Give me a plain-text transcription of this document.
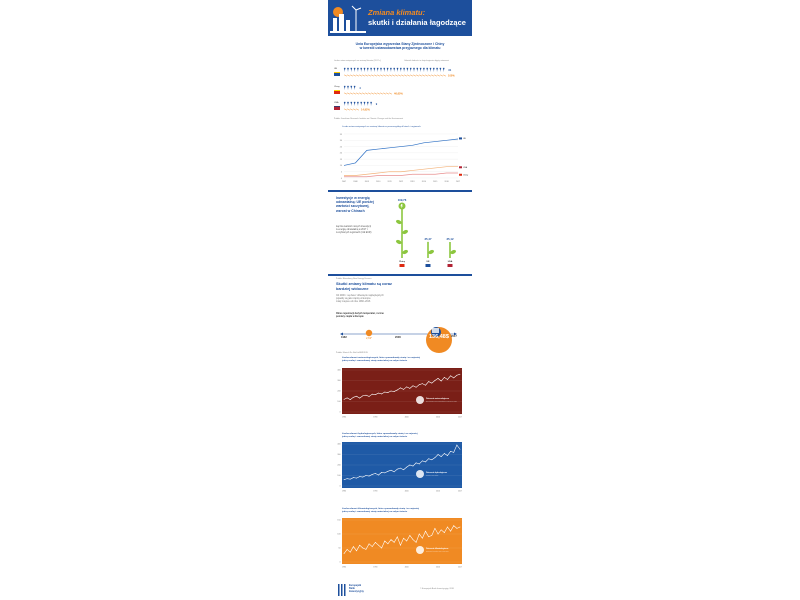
Zmiana klimatu:
skutki i działania łagodzące
Unia Europejska wyprzedza Stany Zjednoczone i Chiny
w kwestii ustawodawstwa przyjaznego dla klimatu
Liczba ustaw związanych ze zmianą klimatu (2017 r.)	Odsetek ludności w kraju/regionie objęty ustawami
UE	31
100%
Chiny	4
46,65%
USA	9
14,92%
Źródło: Grantham Research Institute on Climate Change and the Environment
Liczba ustaw związanych ze zmianą klimatu w poszczególnych latach i regionach
0
5
10
15
20
25
30
35
2007	2008	2009	2010	2011	2012	2013	2014	2015	2016	2017
UE
USA
Chiny
Inwestycje w energię
odnawialną: UE poniżej
wartości szczytowej,
wzrost w Chinach
Łączna wartość nowych inwestycji
w energię odnawialną w 2017 r.
w wybranych regionach (mld EUR)
109,76
Chiny
35,47
UE
35,12
USA
Źródło: Bloomberg New Energy Finance
Skutki zmiany klimatu są coraz
bardziej widoczne
Od 2000 r. są dwa z dziewięciu najcieplejszych
pojawiły się jako zapisy w Europie
miały miejsce od roku 1982–2016
Okres rejestracji dużych temperatur, roczne
pomiary ciepła w Europie
1982	2006	2017
2,63°	136,48$
Źródło: Munich Re NatCatSERVICE
Liczba zdarzeń meteorologicznych, które spowodowały stratę i co najmniej
jedną osobę i szacunkowej straty materialnej na całym świecie
0
100
200
300
400
1980	1990	2000	2010	2017
Zdarzenia meteorologiczne
Burze tropikalne, burze pozazwrotnikowe, konwekcyjne, lokalne
Liczba zdarzeń hydrologicznych, które spowodowały stratę i co najmniej
jedną osobę i szacunkowej straty materialnej na całym świecie
0
100
200
300
400
1980	1990	2000	2010	2017
Zdarzenia hydrologiczne
Powodzie, ruchy masowe
Liczba zdarzeń klimatologicznych, które spowodowały stratę i co najmniej
jedną osobę i szacunkowej straty materialnej na całym świecie
0
50
100
150
1980	1990	2000	2010	2017
Zdarzenia klimatologiczne
Ekstremalne temperatury, susze, pożary lasów
Europejski
Bank
Inwestycyjny
© Europejski Bank Inwestycyjny, 2018
